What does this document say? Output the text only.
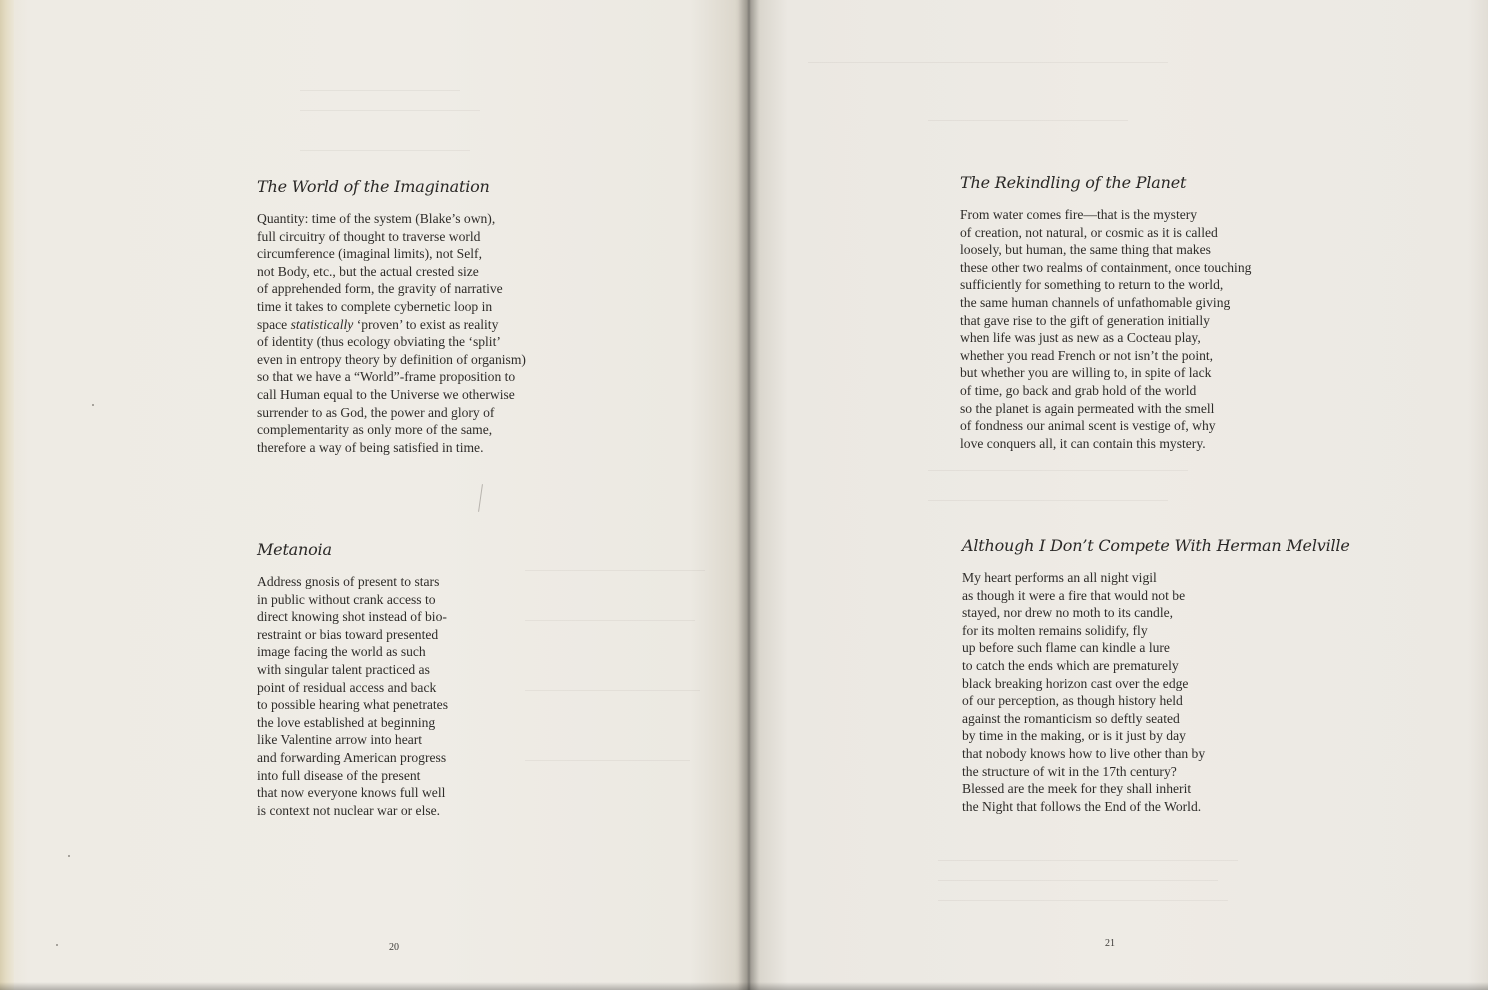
The World of the Imagination
Quantity: time of the system (Blake’s own),
full circuitry of thought to traverse world
circumference (imaginal limits), not Self,
not Body, etc., but the actual crested size
of apprehended form, the gravity of narrative
time it takes to complete cybernetic loop in
space statistically ‘proven’ to exist as reality
of identity (thus ecology obviating the ‘split’
even in entropy theory by definition of organism)
so that we have a “World”-frame proposition to
call Human equal to the Universe we otherwise
surrender to as God, the power and glory of
complementarity as only more of the same,
therefore a way of being satisfied in time.
Metanoia
Address gnosis of present to stars
in public without crank access to
direct knowing shot instead of bio-
restraint or bias toward presented
image facing the world as such
with singular talent practiced as
point of residual access and back
to possible hearing what penetrates
the love established at beginning
like Valentine arrow into heart
and forwarding American progress
into full disease of the present
that now everyone knows full well
is context not nuclear war or else.
20
The Rekindling of the Planet
From water comes fire—that is the mystery
of creation, not natural, or cosmic as it is called
loosely, but human, the same thing that makes
these other two realms of containment, once touching
sufficiently for something to return to the world,
the same human channels of unfathomable giving
that gave rise to the gift of generation initially
when life was just as new as a Cocteau play,
whether you read French or not isn’t the point,
but whether you are willing to, in spite of lack
of time, go back and grab hold of the world
so the planet is again permeated with the smell
of fondness our animal scent is vestige of, why
love conquers all, it can contain this mystery.
Although I Don’t Compete With Herman Melville
My heart performs an all night vigil
as though it were a fire that would not be
stayed, nor drew no moth to its candle,
for its molten remains solidify, fly
up before such flame can kindle a lure
to catch the ends which are prematurely
black breaking horizon cast over the edge
of our perception, as though history held
against the romanticism so deftly seated
by time in the making, or is it just by day
that nobody knows how to live other than by
the structure of wit in the 17th century?
Blessed are the meek for they shall inherit
the Night that follows the End of the World.
21
